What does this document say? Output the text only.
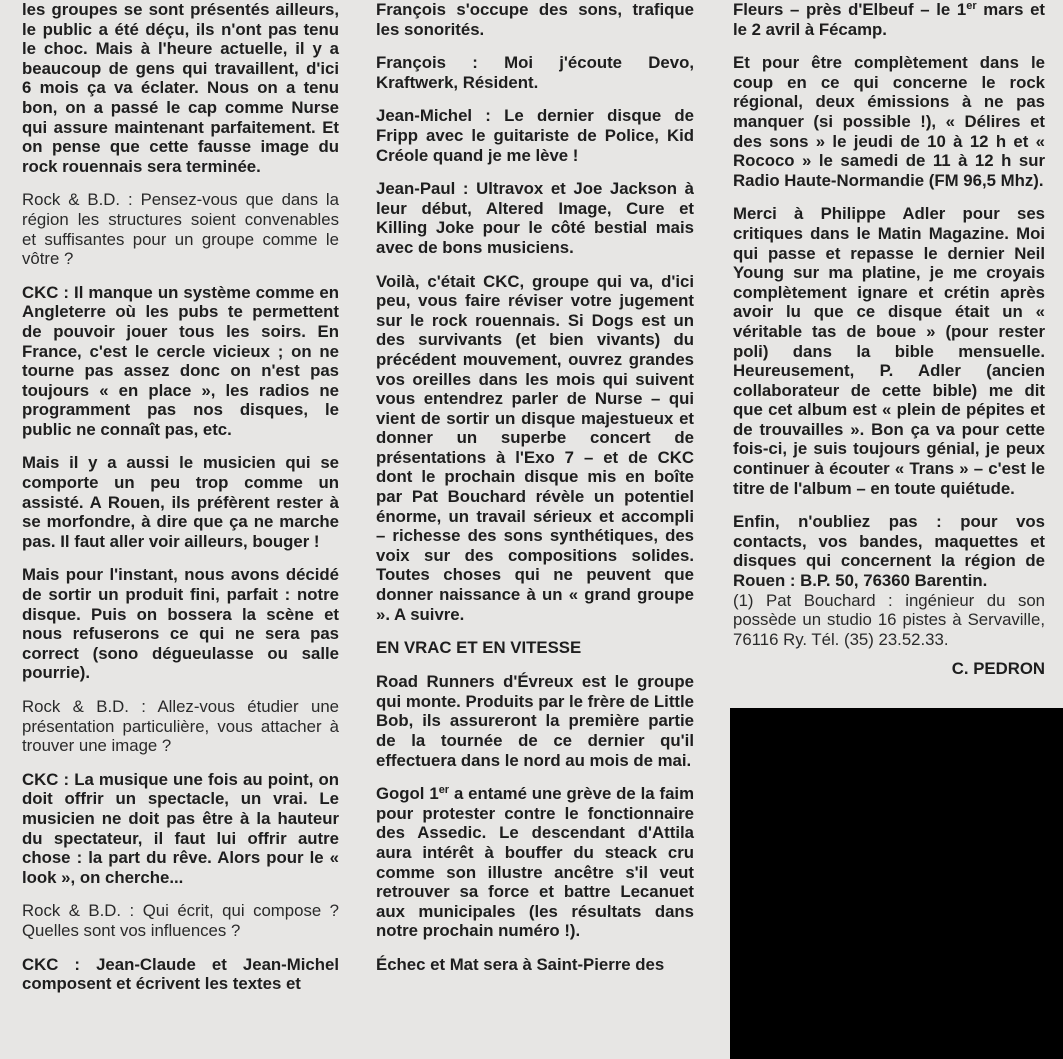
les groupes se sont présentés ailleurs, le public a été déçu, ils n'ont pas tenu le choc. Mais à l'heure actuelle, il y a beaucoup de gens qui travaillent, d'ici 6 mois ça va éclater. Nous on a tenu bon, on a passé le cap comme Nurse qui assure maintenant parfaitement. Et on pense que cette fausse image du rock rouennais sera terminée.

Rock & B.D. : Pensez-vous que dans la région les structures soient convenables et suffisantes pour un groupe comme le vôtre ?

CKC : Il manque un système comme en Angleterre où les pubs te permettent de pouvoir jouer tous les soirs. En France, c'est le cercle vicieux ; on ne tourne pas assez donc on n'est pas toujours « en place », les radios ne programment pas nos disques, le public ne connaît pas, etc.

Mais il y a aussi le musicien qui se comporte un peu trop comme un assisté. A Rouen, ils préfèrent rester à se morfondre, à dire que ça ne marche pas. Il faut aller voir ailleurs, bouger !

Mais pour l'instant, nous avons décidé de sortir un produit fini, parfait : notre disque. Puis on bossera la scène et nous refuserons ce qui ne sera pas correct (sono dégueulasse ou salle pourrie).

Rock & B.D. : Allez-vous étudier une présentation particulière, vous attacher à trouver une image ?

CKC : La musique une fois au point, on doit offrir un spectacle, un vrai. Le musicien ne doit pas être à la hauteur du spectateur, il faut lui offrir autre chose : la part du rêve. Alors pour le « look », on cherche...

Rock & B.D. : Qui écrit, qui compose ? Quelles sont vos influences ?

CKC : Jean-Claude et Jean-Michel composent et écrivent les textes et

François s'occupe des sons, trafique les sonorités.

François : Moi j'écoute Devo, Kraftwerk, Résident.

Jean-Michel : Le dernier disque de Fripp avec le guitariste de Police, Kid Créole quand je me lève !

Jean-Paul : Ultravox et Joe Jackson à leur début, Altered Image, Cure et Killing Joke pour le côté bestial mais avec de bons musiciens.

Voilà, c'était CKC, groupe qui va, d'ici peu, vous faire réviser votre jugement sur le rock rouennais. Si Dogs est un des survivants (et bien vivants) du précédent mouvement, ouvrez grandes vos oreilles dans les mois qui suivent vous entendrez parler de Nurse – qui vient de sortir un disque majestueux et donner un superbe concert de présentations à l'Exo 7 – et de CKC dont le prochain disque mis en boîte par Pat Bouchard révèle un potentiel énorme, un travail sérieux et accompli – richesse des sons synthétiques, des voix sur des compositions solides. Toutes choses qui ne peuvent que donner naissance à un « grand groupe ». A suivre.

EN VRAC ET EN VITESSE

Road Runners d'Évreux est le groupe qui monte. Produits par le frère de Little Bob, ils assureront la première partie de la tournée de ce dernier qu'il effectuera dans le nord au mois de mai.

Gogol 1er a entamé une grève de la faim pour protester contre le fonctionnaire des Assedic. Le descendant d'Attila aura intérêt à bouffer du steack cru comme son illustre ancêtre s'il veut retrouver sa force et battre Lecanuet aux municipales (les résultats dans notre prochain numéro !).

Échec et Mat sera à Saint-Pierre des

Fleurs – près d'Elbeuf – le 1er mars et le 2 avril à Fécamp.

Et pour être complètement dans le coup en ce qui concerne le rock régional, deux émissions à ne pas manquer (si possible !), « Délires et des sons » le jeudi de 10 à 12 h et « Rococo » le samedi de 11 à 12 h sur Radio Haute-Normandie (FM 96,5 Mhz).

Merci à Philippe Adler pour ses critiques dans le Matin Magazine. Moi qui passe et repasse le dernier Neil Young sur ma platine, je me croyais complètement ignare et crétin après avoir lu que ce disque était un « véritable tas de boue » (pour rester poli) dans la bible mensuelle. Heureusement, P. Adler (ancien collaborateur de cette bible) me dit que cet album est « plein de pépites et de trouvailles ». Bon ça va pour cette fois-ci, je suis toujours génial, je peux continuer à écouter « Trans » – c'est le titre de l'album – en toute quiétude.

Enfin, n'oubliez pas : pour vos contacts, vos bandes, maquettes et disques qui concernent la région de Rouen : B.P. 50, 76360 Barentin.

(1) Pat Bouchard : ingénieur du son possède un studio 16 pistes à Servaville, 76116 Ry. Tél. (35) 23.52.33.

C. PEDRON
